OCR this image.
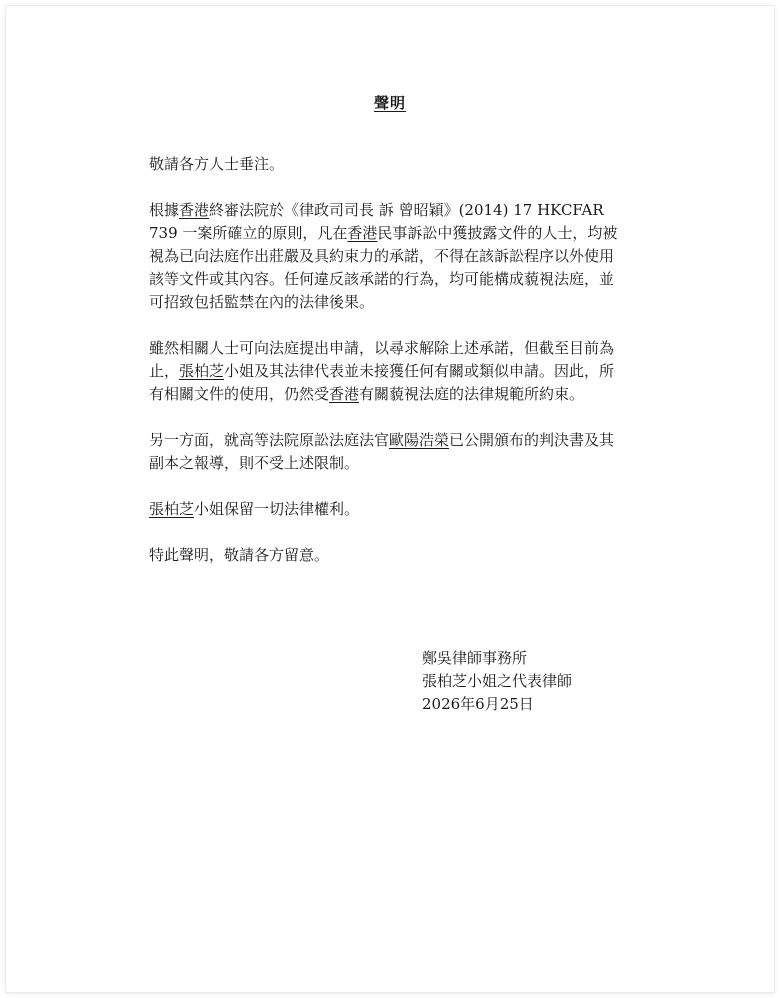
聲明

敬請各方人士垂注。

根據香港終審法院於《律政司司長 訴 曾昭穎》(2014) 17 HKCFAR 739 一案所確立的原則，凡在香港民事訴訟中獲披露文件的人士，均被視為已向法庭作出莊嚴及具約束力的承諾，不得在該訴訟程序以外使用該等文件或其內容。任何違反該承諾的行為，均可能構成藐視法庭，並可招致包括監禁在內的法律後果。

雖然相關人士可向法庭提出申請，以尋求解除上述承諾，但截至目前為止，張柏芝小姐及其法律代表並未接獲任何有關或類似申請。因此，所有相關文件的使用，仍然受香港有關藐視法庭的法律規範所約束。

另一方面，就高等法院原訟法庭法官歐陽浩榮已公開頒布的判決書及其副本之報導，則不受上述限制。

張柏芝小姐保留一切法律權利。

特此聲明，敬請各方留意。

鄭吳律師事務所
張柏芝小姐之代表律師
2026年6月25日
